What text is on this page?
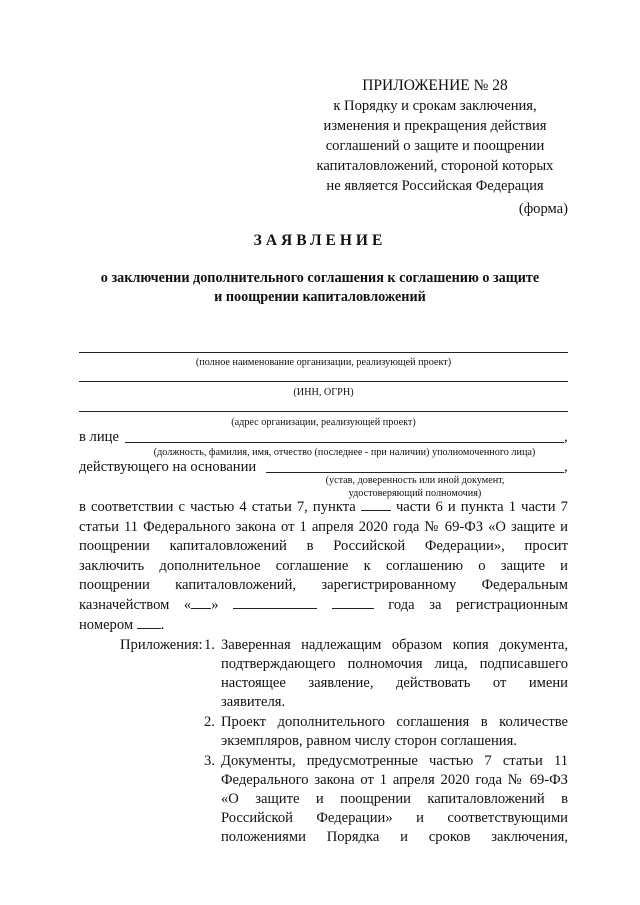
ПРИЛОЖЕНИЕ № 28
к Порядку и срокам заключения,
изменения и прекращения действия
соглашений о защите и поощрении
капиталовложений, стороной которых
не является Российская Федерация
(форма)
ЗАЯВЛЕНИЕ
о заключении дополнительного соглашения к соглашению о защите
и поощрении капиталовложений
(полное наименование организации, реализующей проект)
(ИНН, ОГРН)
(адрес организации, реализующей проект)
в лице	,
(должность, фамилия, имя, отчество (последнее - при наличии) уполномоченного лица)
действующего на основании	,
(устав, доверенность или иной документ,
удостоверяющий полномочия)
в соответствии с частью 4 статьи 7, пункта	части 6 и пункта 1 части 7
статьи 11 Федерального закона от 1 апреля 2020 года № 69-ФЗ «О защите и
поощрении капиталовложений в Российской Федерации», просит
заключить дополнительное соглашение к соглашению о защите и
поощрении капиталовложений, зарегистрированному Федеральным
казначейством « »	года за регистрационным
номером .
Приложения: 1. Заверенная надлежащим образом копия документа,
подтверждающего полномочия лица, подписавшего
настоящее заявление, действовать от имени
заявителя.
2. Проект дополнительного соглашения в количестве
экземпляров, равном числу сторон соглашения.
3. Документы, предусмотренные частью 7 статьи 11
Федерального закона от 1 апреля 2020 года № 69-ФЗ
«О защите и поощрении капиталовложений в
Российской Федерации» и соответствующими
положениями Порядка и сроков заключения,
